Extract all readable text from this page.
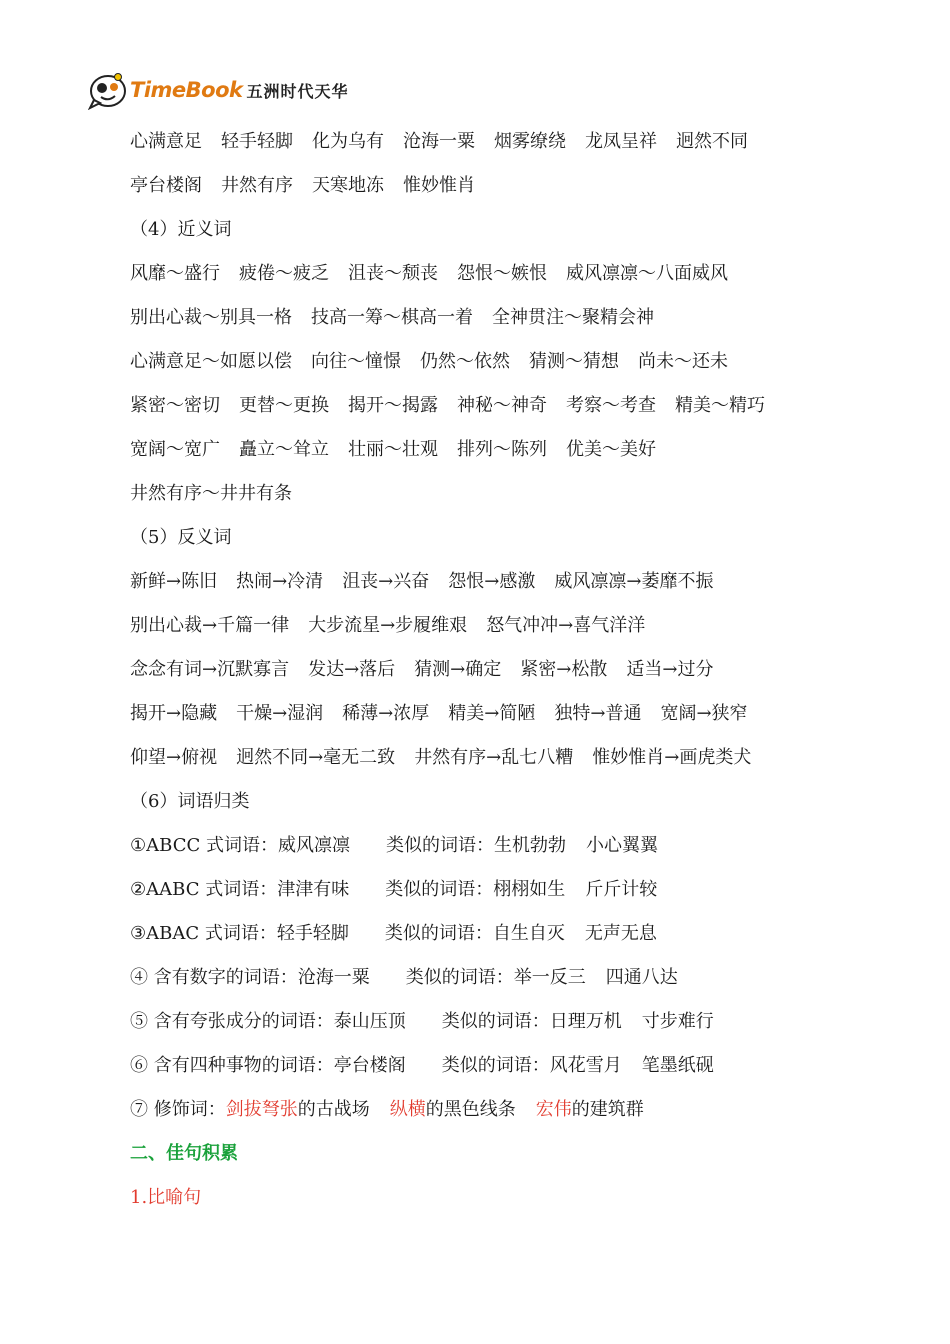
TimeBook 五洲时代天华
心满意足 轻手轻脚 化为乌有 沧海一粟 烟雾缭绕 龙凤呈祥 迥然不同
亭台楼阁 井然有序 天寒地冻 惟妙惟肖
（4）近义词
风靡～盛行 疲倦～疲乏 沮丧～颓丧 怨恨～嫉恨 威风凛凛～八面威风
别出心裁～别具一格 技高一筹～棋高一着 全神贯注～聚精会神
心满意足～如愿以偿 向往～憧憬 仍然～依然 猜测～猜想 尚未～还未
紧密～密切 更替～更换 揭开～揭露 神秘～神奇 考察～考查 精美～精巧
宽阔～宽广 矗立～耸立 壮丽～壮观 排列～陈列 优美～美好
井然有序～井井有条
（5）反义词
新鲜→陈旧 热闹→冷清 沮丧→兴奋 怨恨→感激 威风凛凛→萎靡不振
别出心裁→千篇一律 大步流星→步履维艰 怒气冲冲→喜气洋洋
念念有词→沉默寡言 发达→落后 猜测→确定 紧密→松散 适当→过分
揭开→隐藏 干燥→湿润 稀薄→浓厚 精美→简陋 独特→普通 宽阔→狭窄
仰望→俯视 迥然不同→毫无二致 井然有序→乱七八糟 惟妙惟肖→画虎类犬
（6）词语归类
①ABCC 式词语：威风凛凛 类似的词语：生机勃勃 小心翼翼
②AABC 式词语：津津有味 类似的词语：栩栩如生 斤斤计较
③ABAC 式词语：轻手轻脚 类似的词语：自生自灭 无声无息
④ 含有数字的词语：沧海一粟 类似的词语：举一反三 四通八达
⑤ 含有夸张成分的词语：泰山压顶 类似的词语：日理万机 寸步难行
⑥ 含有四种事物的词语：亭台楼阁 类似的词语：风花雪月 笔墨纸砚
⑦ 修饰词：剑拔弩张的古战场 纵横的黑色线条 宏伟的建筑群
二、佳句积累
1.比喻句
